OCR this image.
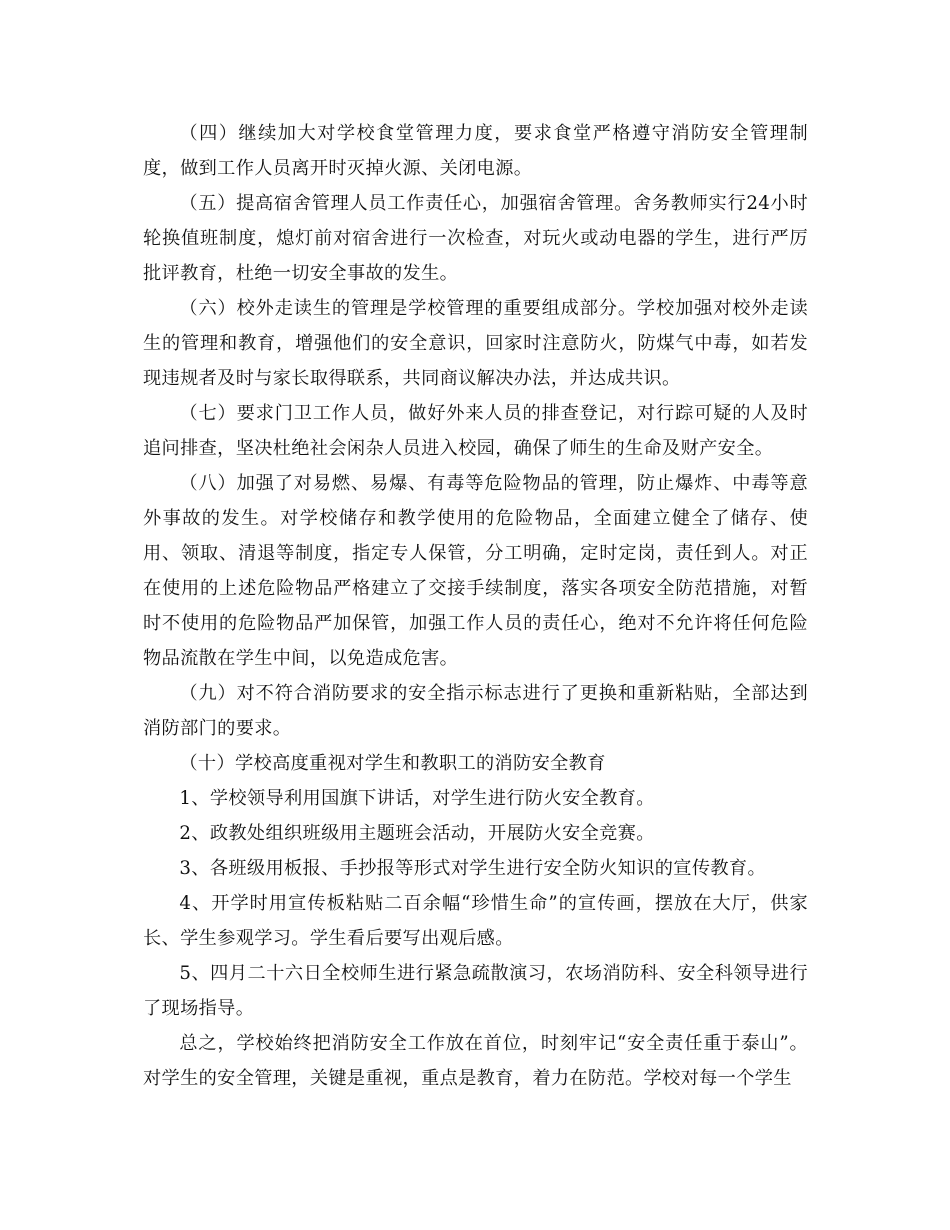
（四）继续加大对学校食堂管理力度，要求食堂严格遵守消防安全管理制度，做到工作人员离开时灭掉火源、关闭电源。

（五）提高宿舍管理人员工作责任心，加强宿舍管理。舍务教师实行24小时轮换值班制度，熄灯前对宿舍进行一次检查，对玩火或动电器的学生，进行严厉批评教育，杜绝一切安全事故的发生。

（六）校外走读生的管理是学校管理的重要组成部分。学校加强对校外走读生的管理和教育，增强他们的安全意识，回家时注意防火，防煤气中毒，如若发现违规者及时与家长取得联系，共同商议解决办法，并达成共识。

（七）要求门卫工作人员，做好外来人员的排查登记，对行踪可疑的人及时追问排查，坚决杜绝社会闲杂人员进入校园，确保了师生的生命及财产安全。

（八）加强了对易燃、易爆、有毒等危险物品的管理，防止爆炸、中毒等意外事故的发生。对学校储存和教学使用的危险物品，全面建立健全了储存、使用、领取、清退等制度，指定专人保管，分工明确，定时定岗，责任到人。对正在使用的上述危险物品严格建立了交接手续制度，落实各项安全防范措施，对暂时不使用的危险物品严加保管，加强工作人员的责任心，绝对不允许将任何危险物品流散在学生中间，以免造成危害。

（九）对不符合消防要求的安全指示标志进行了更换和重新粘贴，全部达到消防部门的要求。

（十）学校高度重视对学生和教职工的消防安全教育

1、学校领导利用国旗下讲话，对学生进行防火安全教育。

2、政教处组织班级用主题班会活动，开展防火安全竞赛。

3、各班级用板报、手抄报等形式对学生进行安全防火知识的宣传教育。

4、开学时用宣传板粘贴二百余幅“珍惜生命”的宣传画，摆放在大厅，供家长、学生参观学习。学生看后要写出观后感。

5、四月二十六日全校师生进行紧急疏散演习，农场消防科、安全科领导进行了现场指导。

总之，学校始终把消防安全工作放在首位，时刻牢记“安全责任重于泰山”。对学生的安全管理，关键是重视，重点是教育，着力在防范。学校对每一个学生
